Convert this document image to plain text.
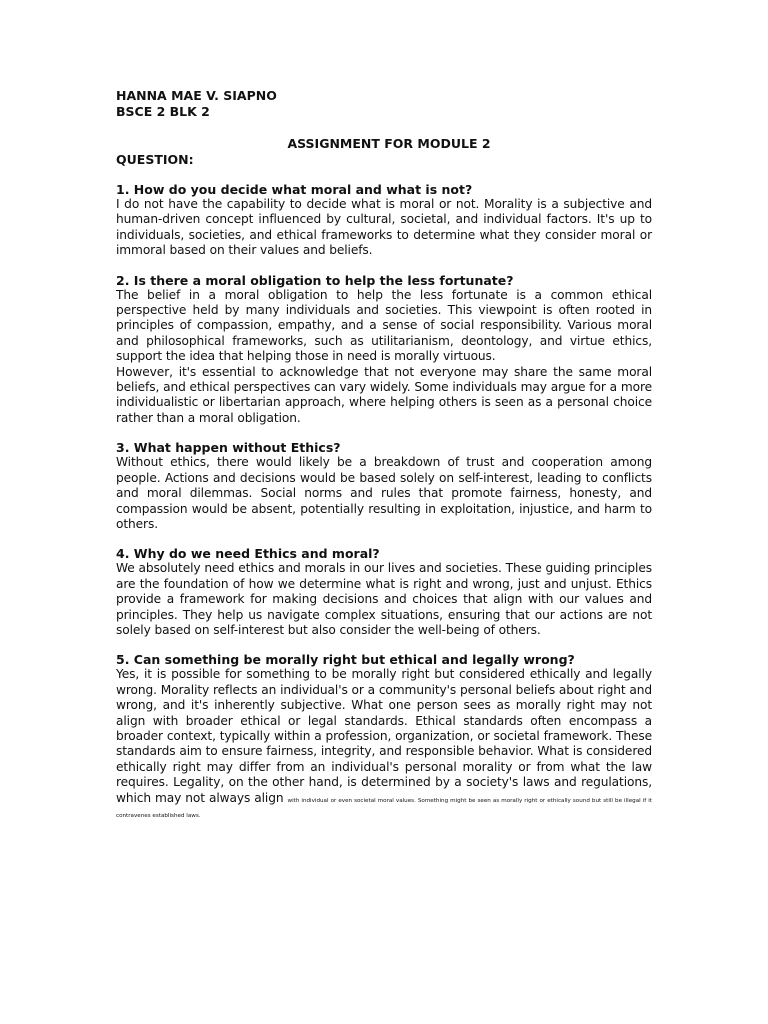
HANNA MAE V. SIAPNO

BSCE 2 BLK 2

ASSIGNMENT FOR MODULE 2
QUESTION:

1. How do you decide what moral and what is not?

I do not have the capability to decide what is moral or not. Morality is a subjective and human-driven concept influenced by cultural, societal, and individual factors. It's up to individuals, societies, and ethical frameworks to determine what they consider moral or immoral based on their values and beliefs.

2. Is there a moral obligation to help the less fortunate?

The belief in a moral obligation to help the less fortunate is a common ethical perspective held by many individuals and societies. This viewpoint is often rooted in principles of compassion, empathy, and a sense of social responsibility. Various moral and philosophical frameworks, such as utilitarianism, deontology, and virtue ethics, support the idea that helping those in need is morally virtuous.

However, it's essential to acknowledge that not everyone may share the same moral beliefs, and ethical perspectives can vary widely. Some individuals may argue for a more individualistic or libertarian approach, where helping others is seen as a personal choice rather than a moral obligation.

3. What happen without Ethics?

Without ethics, there would likely be a breakdown of trust and cooperation among people. Actions and decisions would be based solely on self-interest, leading to conflicts and moral dilemmas. Social norms and rules that promote fairness, honesty, and compassion would be absent, potentially resulting in exploitation, injustice, and harm to others.

4. Why do we need Ethics and moral?

We absolutely need ethics and morals in our lives and societies. These guiding principles are the foundation of how we determine what is right and wrong, just and unjust. Ethics provide a framework for making decisions and choices that align with our values and principles. They help us navigate complex situations, ensuring that our actions are not solely based on self-interest but also consider the well-being of others.

5. Can something be morally right but ethical and legally wrong?

Yes, it is possible for something to be morally right but considered ethically and legally wrong. Morality reflects an individual's or a community's personal beliefs about right and wrong, and it's inherently subjective. What one person sees as morally right may not align with broader ethical or legal standards. Ethical standards often encompass a broader context, typically within a profession, organization, or societal framework. These standards aim to ensure fairness, integrity, and responsible behavior. What is considered ethically right may differ from an individual's personal morality or from what the law requires. Legality, on the other hand, is determined by a society's laws and regulations, which may not always align with individual or even societal moral values. Something might be seen as morally right or ethically sound but still be illegal if it contravenes established laws.
